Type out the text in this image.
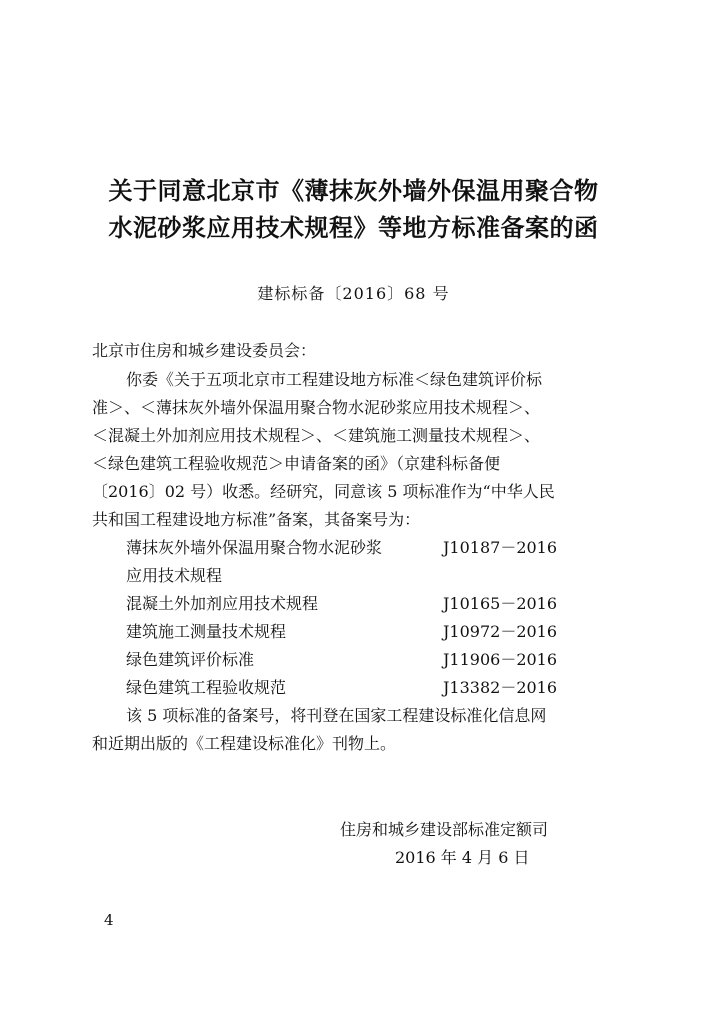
关于同意北京市《薄抹灰外墙外保温用聚合物
水泥砂浆应用技术规程》等地方标准备案的函
建标标备〔2016〕68 号
北京市住房和城乡建设委员会：
你委《关于五项北京市工程建设地方标准＜绿色建筑评价标
准＞、＜薄抹灰外墙外保温用聚合物水泥砂浆应用技术规程＞、
＜混凝土外加剂应用技术规程＞、＜建筑施工测量技术规程＞、
＜绿色建筑工程验收规范＞申请备案的函》（京建科标备便
〔2016〕02 号）收悉。经研究，同意该 5 项标准作为“中华人民
共和国工程建设地方标准”备案，其备案号为：
薄抹灰外墙外保温用聚合物水泥砂浆	J10187－2016
应用技术规程
混凝土外加剂应用技术规程	J10165－2016
建筑施工测量技术规程	J10972－2016
绿色建筑评价标准	J11906－2016
绿色建筑工程验收规范	J13382－2016
该 5 项标准的备案号，将刊登在国家工程建设标准化信息网
和近期出版的《工程建设标准化》刊物上。
住房和城乡建设部标准定额司
2016 年 4 月 6 日
4
